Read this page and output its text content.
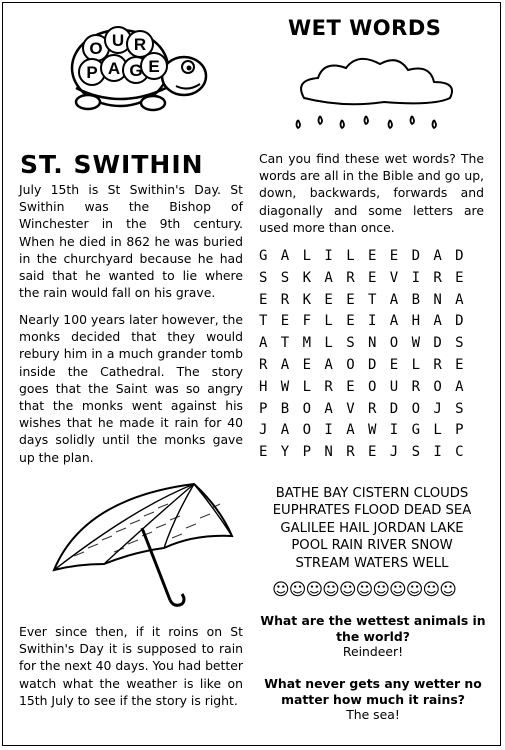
O U R
P A G E
WET WORDS
ST. SWITHIN
July 15th is St Swithin's Day. St Swithin was the Bishop of Winchester in the 9th century. When he died in 862 he was buried in the churchyard because he had said that he wanted to lie where the rain would fall on his grave.
Nearly 100 years later however, the monks decided that they would rebury him in a much grander tomb inside the Cathedral. The story goes that the Saint was so angry that the monks went against his wishes that he made it rain for 40 days solidly until the monks gave up the plan.
Ever since then, if it roins on St Swithin's Day it is supposed to rain for the next 40 days. You had better watch what the weather is like on 15th July to see if the story is right.
Can you find these wet words? The words are all in the Bible and go up, down, backwards, forwards and diagonally and some letters are used more than once.
G A L I L E E D A D
S S K A R E V I R E
E R K E E T A B N A
T E F L E I A H A D
A T M L S N O W D S
R A E A O D E L R E
H W L R E O U R O A
P B O A V R D O J S
J A O I A W I G L P
E Y P N R E J S I C
BATHE BAY CISTERN CLOUDS
EUPHRATES FLOOD DEAD SEA
GALILEE HAIL JORDAN LAKE
POOL RAIN RIVER SNOW
STREAM WATERS WELL
☺☺☺☺☺☺☺☺☺☺☺
What are the wettest animals in the world?
Reindeer!
What never gets any wetter no matter how much it rains?
The sea!
